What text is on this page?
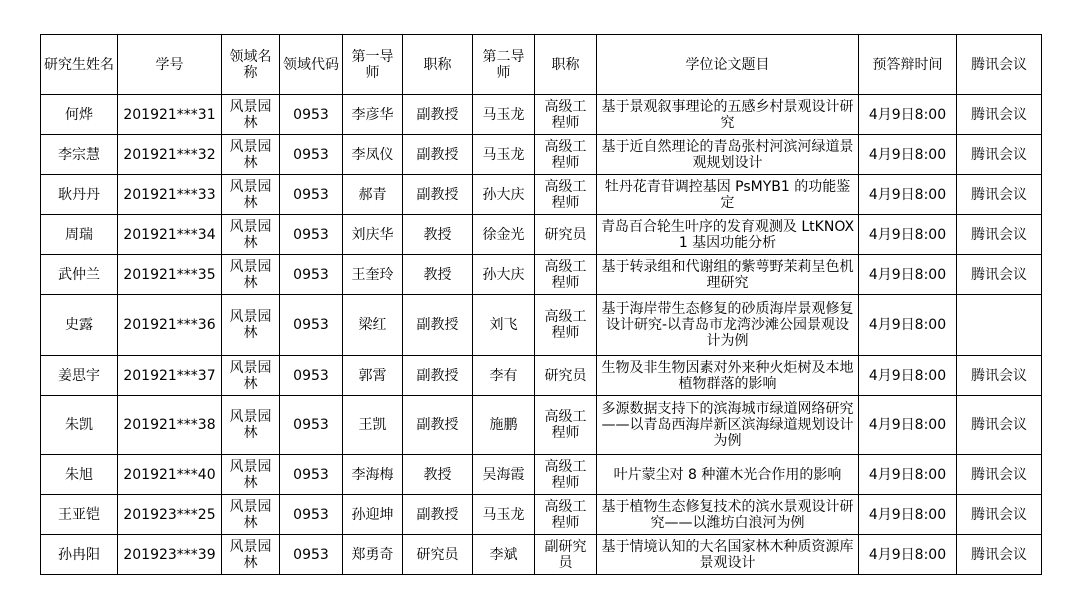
研究生姓名	学号	领域名称	领域代码	第一导师	职称	第二导师	职称	学位论文题目	预答辩时间	腾讯会议
何烨	201921***31	风景园林	0953	李彦华	副教授	马玉龙	高级工程师	基于景观叙事理论的五感乡村景观设计研究	4月9日8:00	腾讯会议
李宗慧	201921***32	风景园林	0953	李凤仪	副教授	马玉龙	高级工程师	基于近自然理论的青岛张村河滨河绿道景观规划设计	4月9日8:00	腾讯会议
耿丹丹	201921***33	风景园林	0953	郝青	副教授	孙大庆	高级工程师	牡丹花青苷调控基因 PsMYB1 的功能鉴定	4月9日8:00	腾讯会议
周瑞	201921***34	风景园林	0953	刘庆华	教授	徐金光	研究员	青岛百合轮生叶序的发育观测及 LtKNOX1 基因功能分析	4月9日8:00	腾讯会议
武仲兰	201921***35	风景园林	0953	王奎玲	教授	孙大庆	高级工程师	基于转录组和代谢组的紫萼野茉莉呈色机理研究	4月9日8:00	腾讯会议
史露	201921***36	风景园林	0953	梁红	副教授	刘飞	高级工程师	基于海岸带生态修复的砂质海岸景观修复设计研究-以青岛市龙湾沙滩公园景观设计为例	4月9日8:00	
姜思宇	201921***37	风景园林	0953	郭霄	副教授	李有	研究员	生物及非生物因素对外来种火炬树及本地植物群落的影响	4月9日8:00	腾讯会议
朱凯	201921***38	风景园林	0953	王凯	副教授	施鹏	高级工程师	多源数据支持下的滨海城市绿道网络研究——以青岛西海岸新区滨海绿道规划设计为例	4月9日8:00	腾讯会议
朱旭	201921***40	风景园林	0953	李海梅	教授	吴海霞	高级工程师	叶片蒙尘对 8 种灌木光合作用的影响	4月9日8:00	腾讯会议
王亚铠	201923***25	风景园林	0953	孙迎坤	副教授	马玉龙	高级工程师	基于植物生态修复技术的滨水景观设计研究——以潍坊白浪河为例	4月9日8:00	腾讯会议
孙冉阳	201923***39	风景园林	0953	郑勇奇	研究员	李斌	副研究员	基于情境认知的大名国家林木种质资源库景观设计	4月9日8:00	腾讯会议
